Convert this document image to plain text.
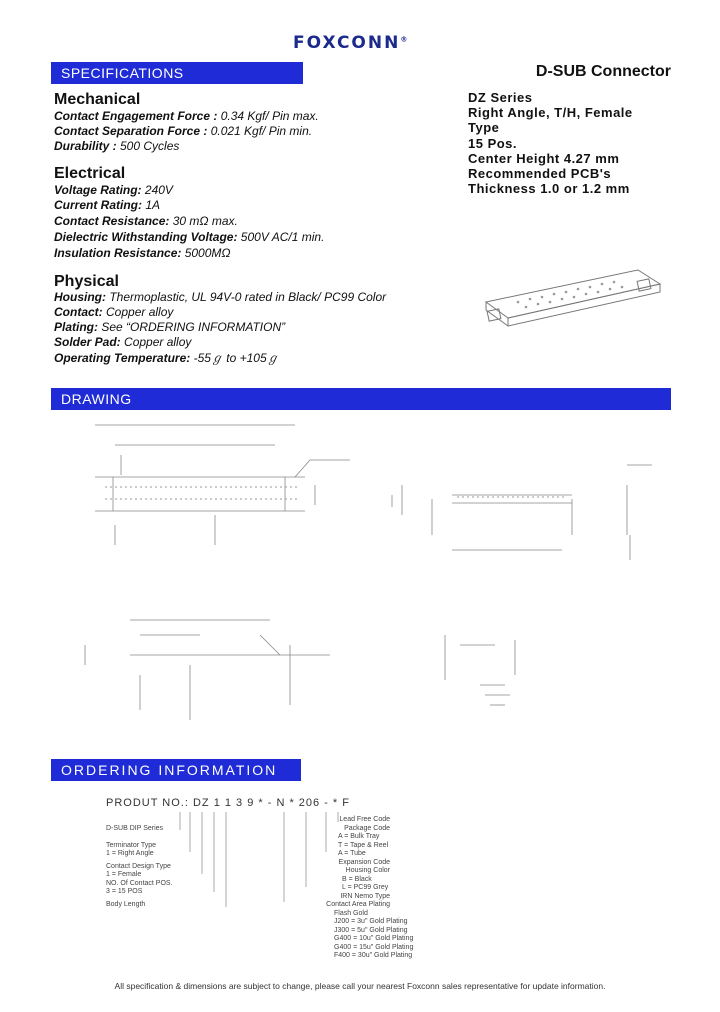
FOXCONN®
SPECIFICATIONS	D-SUB Connector
Mechanical
Contact Engagement Force : 0.34 Kgf/ Pin max.
Contact Separation Force : 0.021 Kgf/ Pin min.
Durability : 500 Cycles
Electrical
Voltage Rating: 240V
Current Rating: 1A
Contact Resistance: 30 mΩ max.
Dielectric Withstanding Voltage: 500V AC/1 min.
Insulation Resistance: 5000MΩ
Physical
Housing: Thermoplastic, UL 94V-0 rated in Black/ PC99 Color
Contact: Copper alloy
Plating: See “ORDERING INFORMATION”
Solder Pad: Copper alloy
Operating Temperature: -55ℊ to +105ℊ
DZ Series
Right Angle, T/H, Female
Type
15 Pos.
Center Height 4.27 mm
Recommended PCB's
Thickness 1.0 or 1.2 mm
DRAWING
ORDERING INFORMATION
PRODUT NO.: DZ 1 1 3 9 * - N * 206 - * F
D-SUB DIP Series
Terminator Type
1 = Right Angle
Contact Design Type
1 = Female
NO. Of Contact POS.
3 = 15 POS
Body Length
Lead Free Code
Package Code
A = Bulk Tray
T = Tape & Reel
A = Tube
Expansion Code
Housing Color
B = Black
L = PC99 Grey
IRN Nemo Type
Contact Area Plating
Flash Gold
J200 = 3u" Gold Plating
J300 = 5u" Gold Plating
G400 = 10u" Gold Plating
G400 = 15u" Gold Plating
F400 = 30u" Gold Plating
All specification & dimensions are subject to change, please call your nearest Foxconn sales representative for update information.
